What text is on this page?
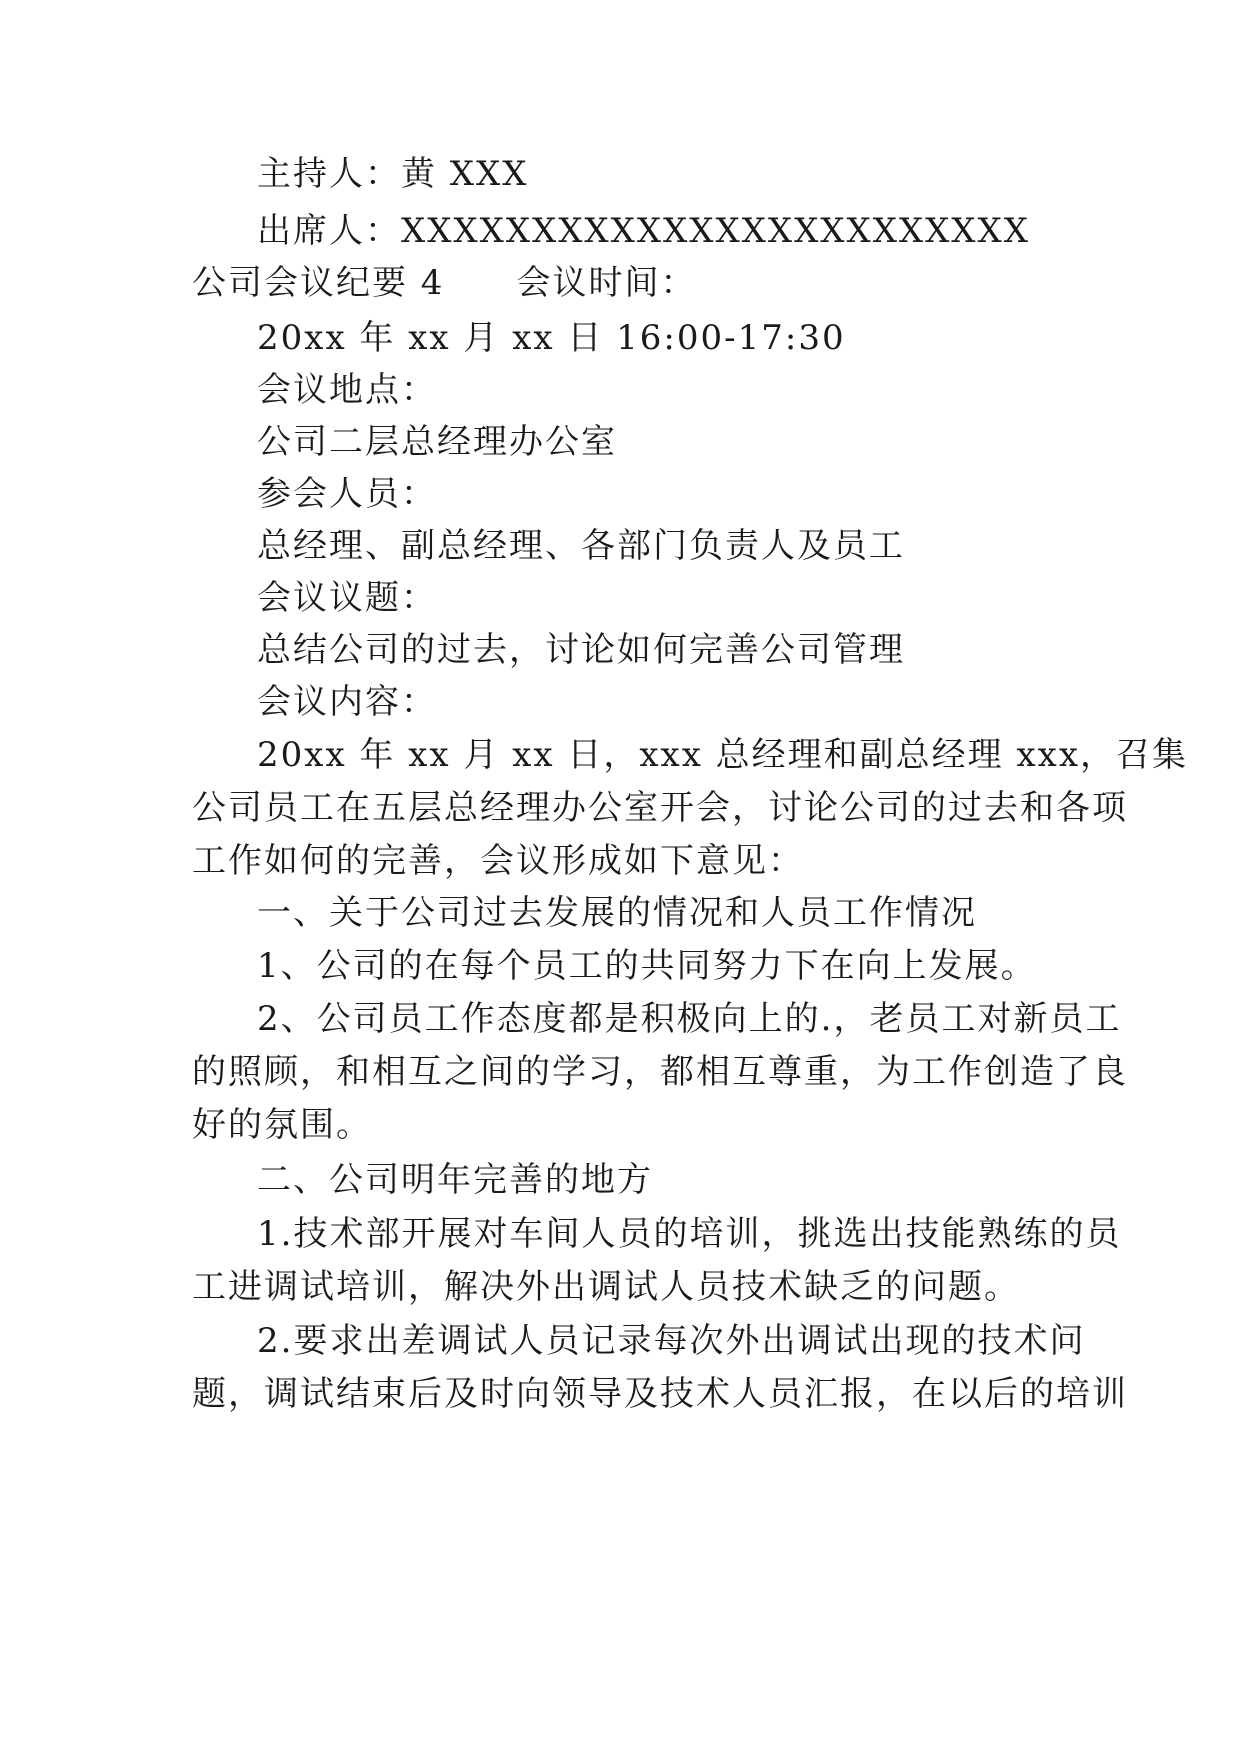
主持人：黄 XXX
出席人：XXXXXXXXXXXXXXXXXXXXXXXX
公司会议纪要 4　　会议时间：
20xx 年 xx 月 xx 日 16:00-17:30
会议地点：
公司二层总经理办公室
参会人员：
总经理、副总经理、各部门负责人及员工
会议议题：
总结公司的过去，讨论如何完善公司管理
会议内容：
20xx 年 xx 月 xx 日，xxx 总经理和副总经理 xxx，召集
公司员工在五层总经理办公室开会，讨论公司的过去和各项
工作如何的完善，会议形成如下意见：
一、关于公司过去发展的情况和人员工作情况
1、公司的在每个员工的共同努力下在向上发展。
2、公司员工作态度都是积极向上的.，老员工对新员工
的照顾，和相互之间的学习，都相互尊重，为工作创造了良
好的氛围。
二、公司明年完善的地方
1.技术部开展对车间人员的培训，挑选出技能熟练的员
工进调试培训，解决外出调试人员技术缺乏的问题。
2.要求出差调试人员记录每次外出调试出现的技术问
题，调试结束后及时向领导及技术人员汇报，在以后的培训
